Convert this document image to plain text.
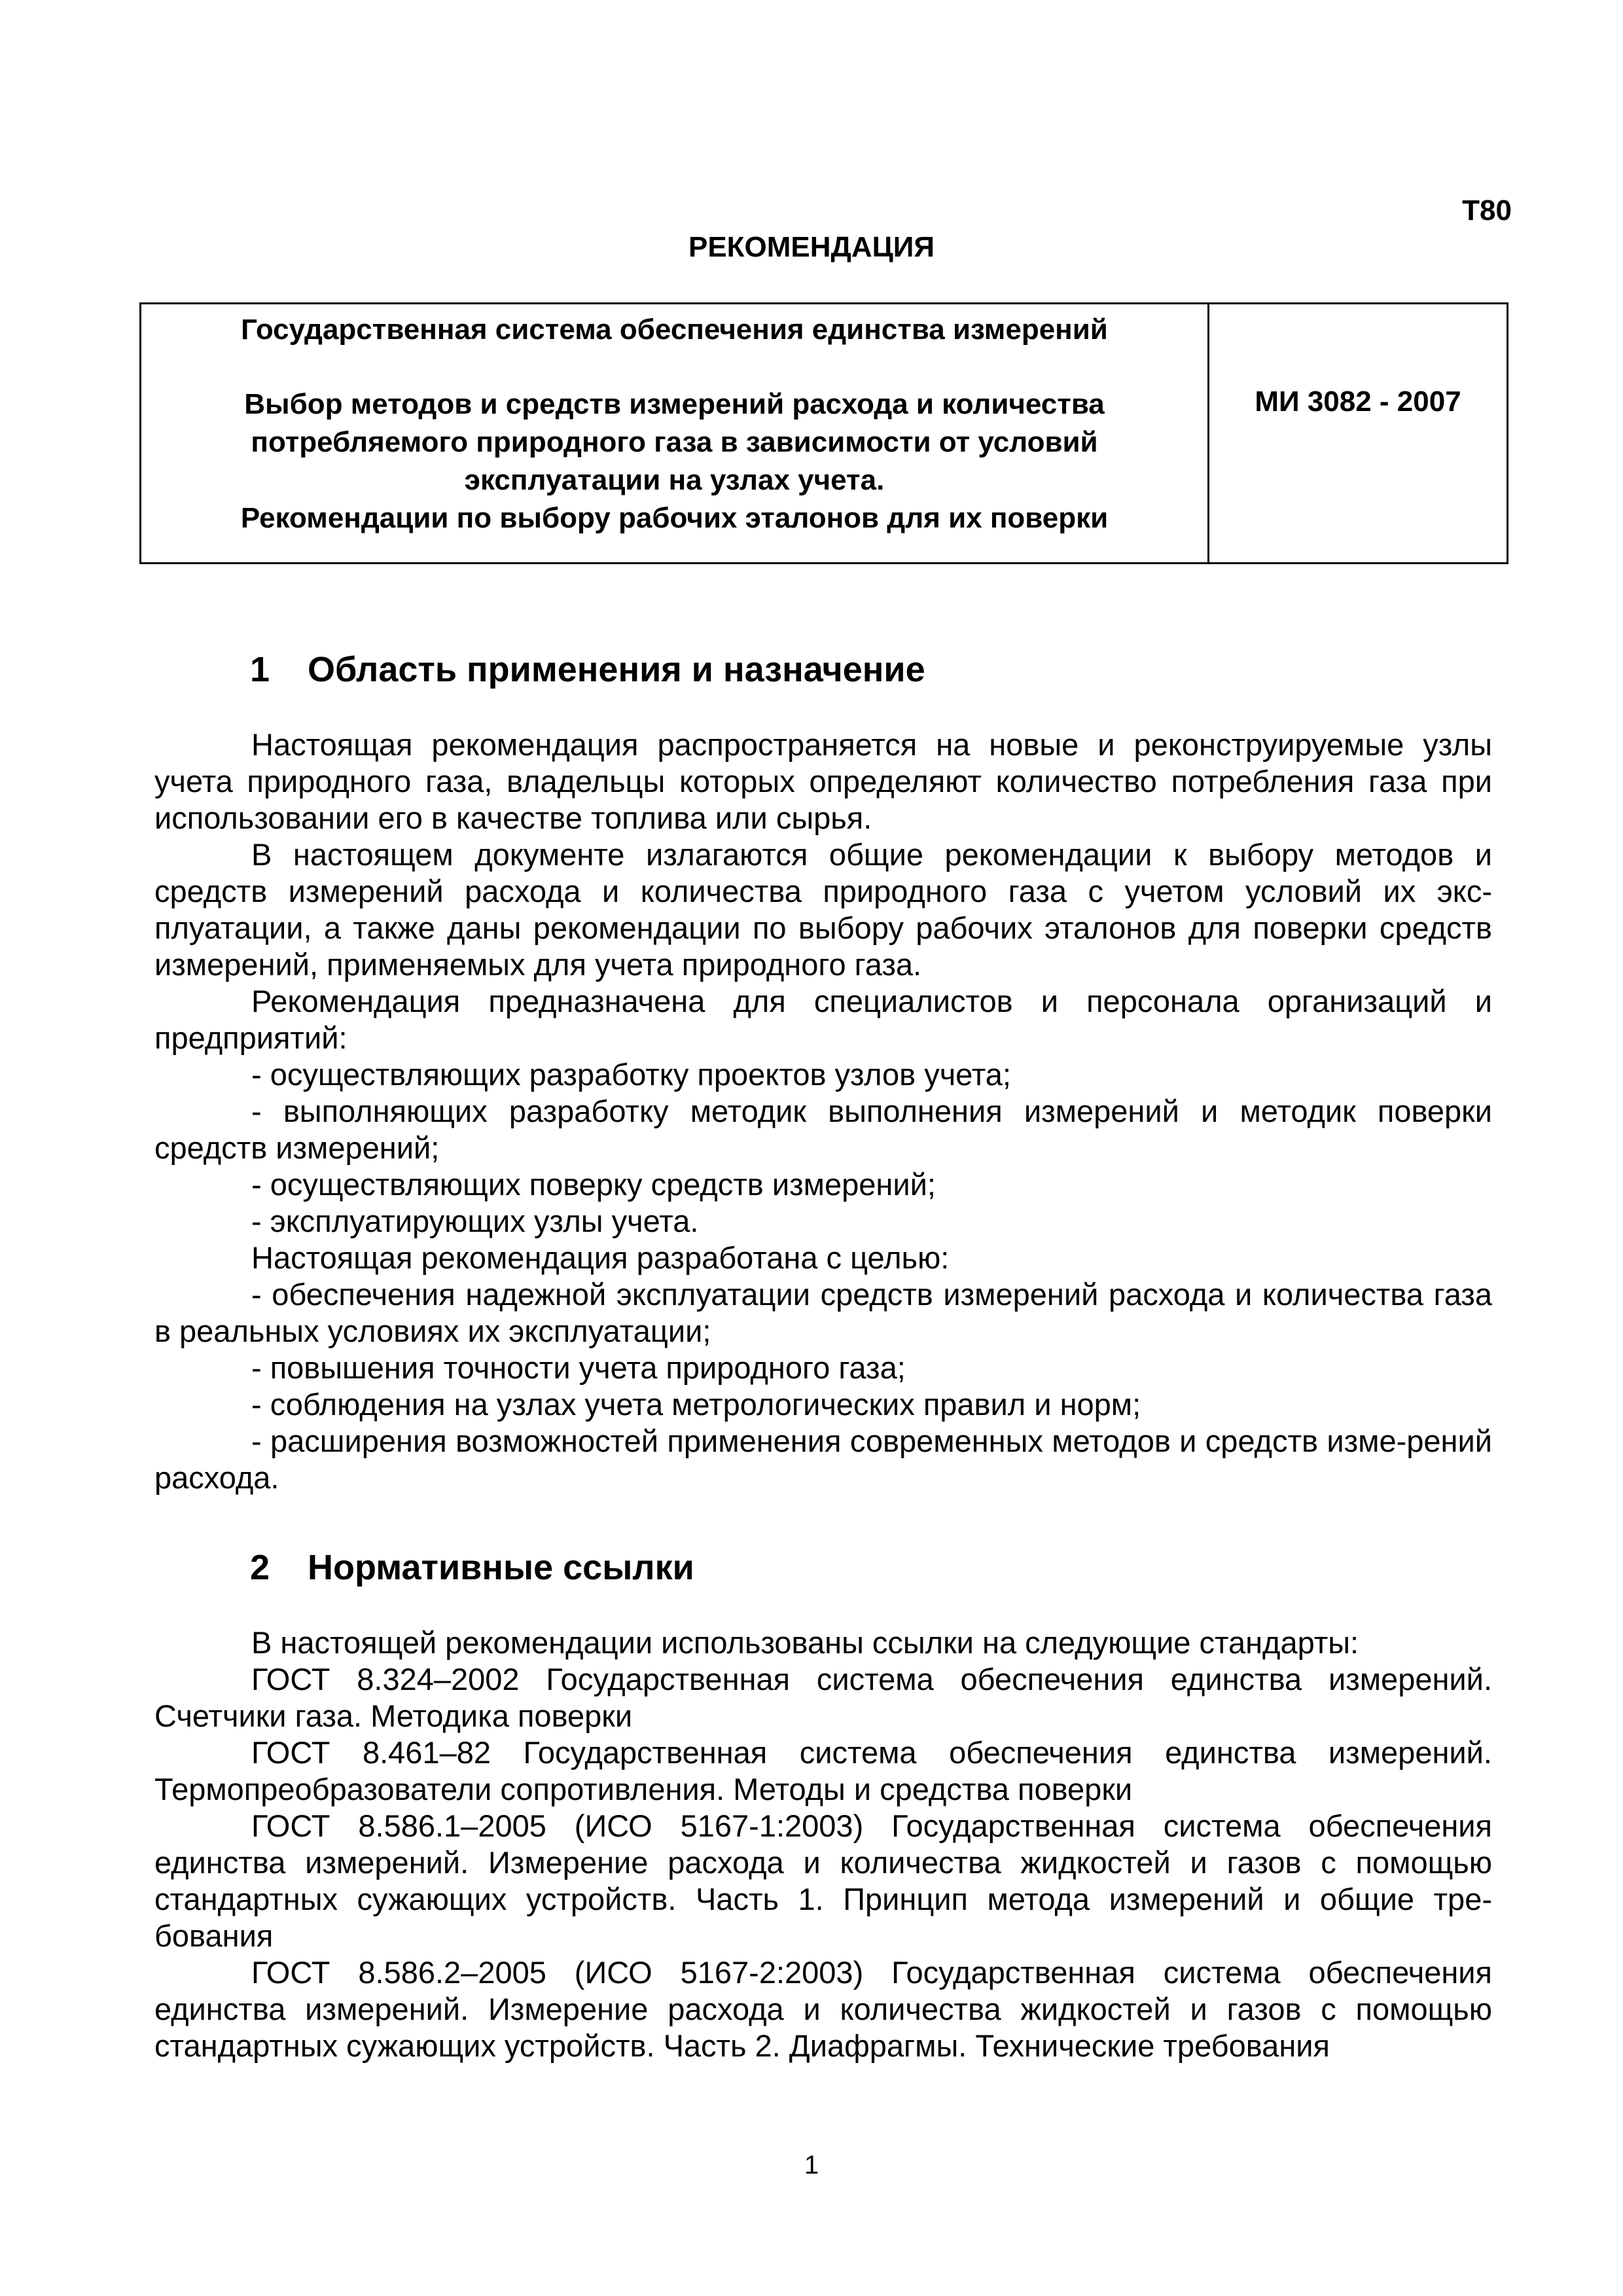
Т80
РЕКОМЕНДАЦИЯ
Государственная система обеспечения единства измерений
Выбор методов и средств измерений расхода и количества
потребляемого природного газа в зависимости от условий
эксплуатации на узлах учета.
Рекомендации по выбору рабочих эталонов для их поверки
МИ 3082 - 2007
1 Область применения и назначение

Настоящая рекомендация распространяется на новые и реконструируемые узлы учета природного газа, владельцы которых определяют количество потребления газа при использовании его в качестве топлива или сырья.

В настоящем документе излагаются общие рекомендации к выбору методов и средств измерений расхода и количества природного газа с учетом условий их экс-плуатации, а также даны рекомендации по выбору рабочих эталонов для поверки средств измерений, применяемых для учета природного газа.

Рекомендация предназначена для специалистов и персонала организаций и предприятий:

- осуществляющих разработку проектов узлов учета;

- выполняющих разработку методик выполнения измерений и методик поверки средств измерений;

- осуществляющих поверку средств измерений;

- эксплуатирующих узлы учета.

Настоящая рекомендация разработана с целью:

- обеспечения надежной эксплуатации средств измерений расхода и количества газа в реальных условиях их эксплуатации;

- повышения точности учета природного газа;

- соблюдения на узлах учета метрологических правил и норм;

- расширения возможностей применения современных методов и средств изме-рений расхода.

2 Нормативные ссылки

В настоящей рекомендации использованы ссылки на следующие стандарты:

ГОСТ 8.324–2002 Государственная система обеспечения единства измерений. Счетчики газа. Методика поверки

ГОСТ 8.461–82 Государственная система обеспечения единства измерений. Термопреобразователи сопротивления. Методы и средства поверки

ГОСТ 8.586.1–2005 (ИСО 5167-1:2003) Государственная система обеспечения единства измерений. Измерение расхода и количества жидкостей и газов с помощью стандартных сужающих устройств. Часть 1. Принцип метода измерений и общие тре-бования

ГОСТ 8.586.2–2005 (ИСО 5167-2:2003) Государственная система обеспечения единства измерений. Измерение расхода и количества жидкостей и газов с помощью стандартных сужающих устройств. Часть 2. Диафрагмы. Технические требования

1
